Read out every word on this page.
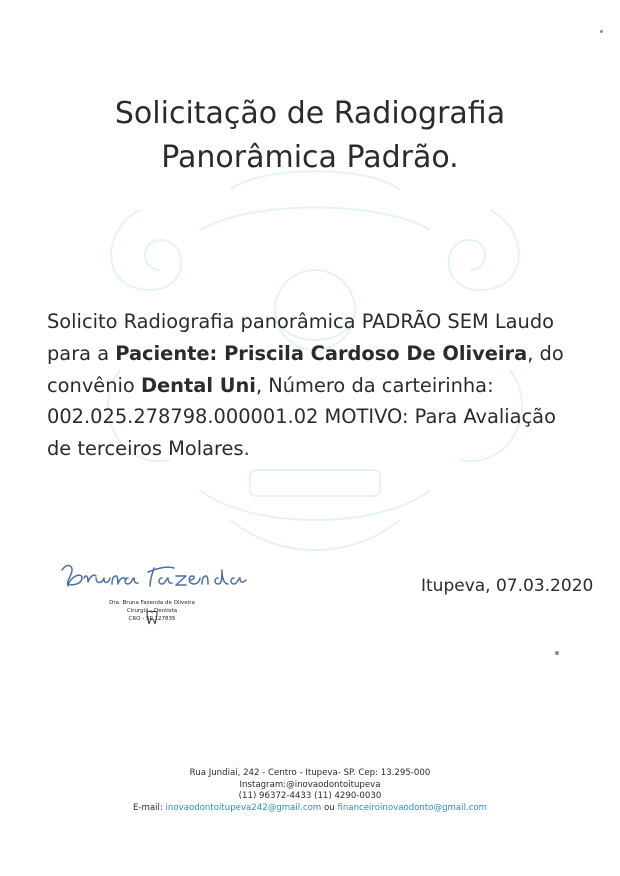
Solicitação de Radiografia
Panorâmica Padrão.
Solicito Radiografia panorâmica PADRÃO SEM Laudo
para a Paciente: Priscila Cardoso De Oliveira, do
convênio Dental Uni, Número da carteirinha:
002.025.278798.000001.02 MOTIVO: Para Avaliação
de terceiros Molares.
Dra. Bruna Fazenda de Oliveira
Cirurgiã - Dentista
CRO - SP 127835
Itupeva, 07.03.2020
Rua Jundiaí, 242 - Centro - Itupeva- SP. Cep: 13.295-000
Instagram:@inovaodontoitupeva
(11) 96372-4433 (11) 4290-0030
E-mail: inovaodontoitupeva242@gmail.com ou financeiroinovaodonto@gmail.com
